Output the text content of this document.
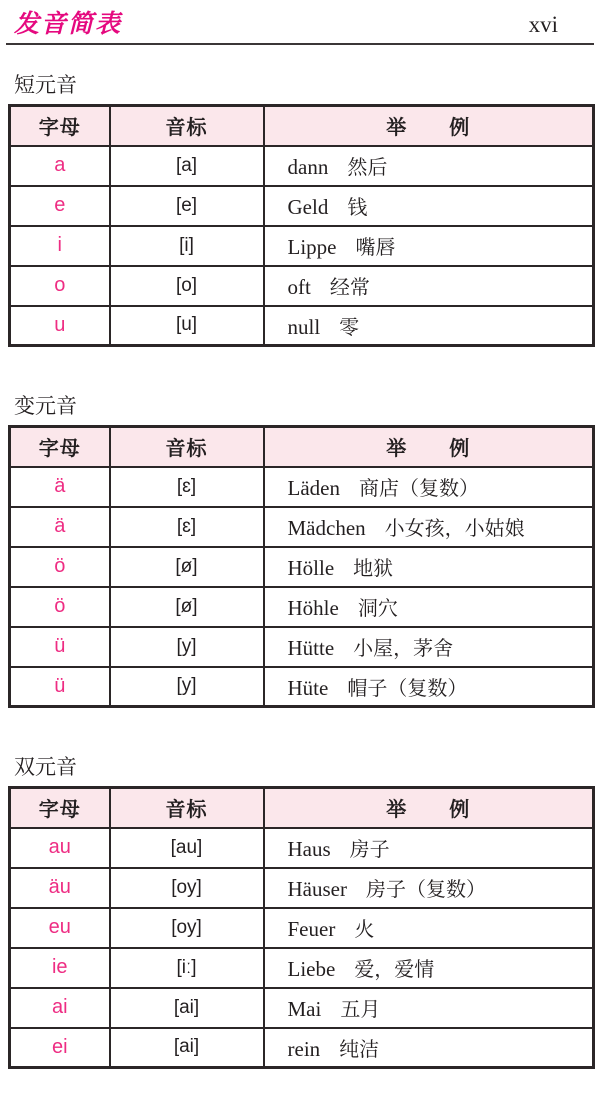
发音简表	xvi
短元音
字母	音标	举　　例
a	[a]	dann 然后
e	[e]	Geld 钱
i	[i]	Lippe 嘴唇
o	[o]	oft 经常
u	[u]	null 零
变元音
字母	音标	举　　例
ä	[ɛ]	Läden 商店（复数）
ä	[ɛ]	Mädchen 小女孩，小姑娘
ö	[ø]	Hölle 地狱
ö	[ø]	Höhle 洞穴
ü	[y]	Hütte 小屋，茅舍
ü	[y]	Hüte 帽子（复数）
双元音
字母	音标	举　　例
au	[au]	Haus 房子
äu	[oy]	Häuser 房子（复数）
eu	[oy]	Feuer 火
ie	[iː]	Liebe 爱，爱情
ai	[ai]	Mai 五月
ei	[ai]	rein 纯洁
